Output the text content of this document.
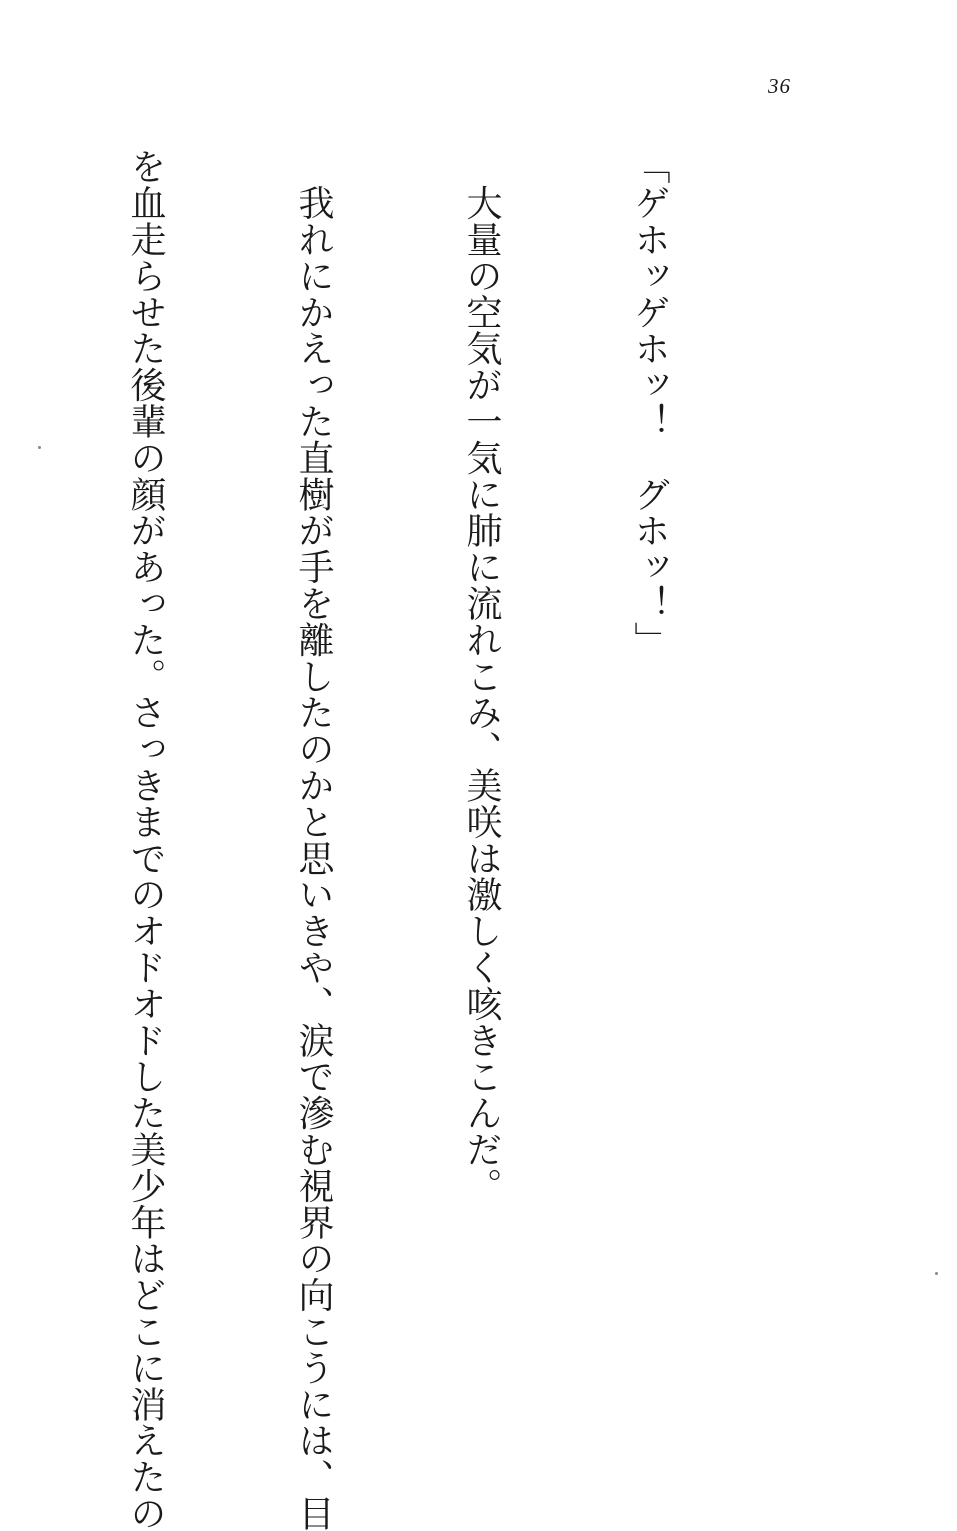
36

「ゲホッゲホッ！　グホッ！」

　大量の空気が一気に肺に流れこみ、美咲は激しく咳きこんだ。

　我れにかえった直樹が手を離したのかと思いきや、涙で滲む視界の向こうには、目

を血走らせた後輩の顔があった。さっきまでのオドオドした美少年はどこに消えたの
